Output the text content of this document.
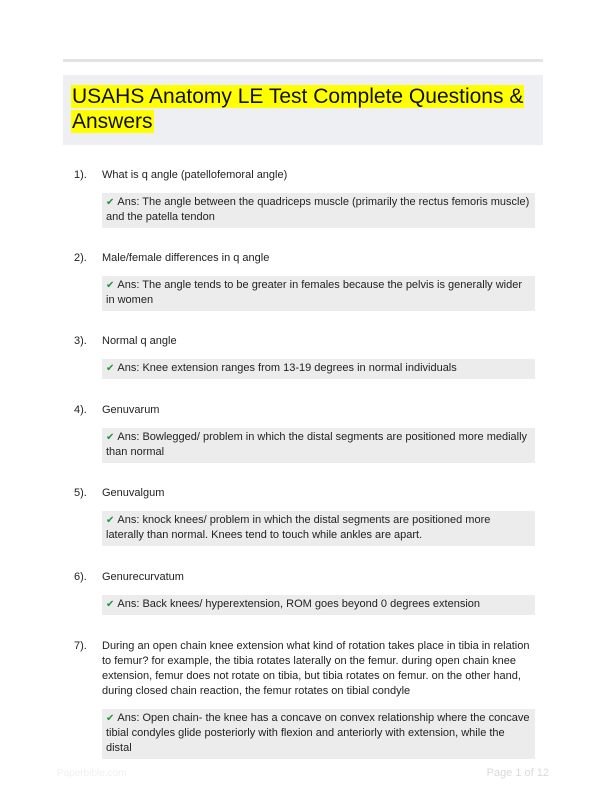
USAHS Anatomy LE Test Complete Questions & Answers
1).	What is q angle (patellofemoral angle)
✔ Ans: The angle between the quadriceps muscle (primarily the rectus femoris muscle) and the patella tendon
2).	Male/female differences in q angle
✔ Ans: The angle tends to be greater in females because the pelvis is generally wider in women
3).	Normal q angle
✔ Ans: Knee extension ranges from 13-19 degrees in normal individuals
4).	Genuvarum
✔ Ans: Bowlegged/ problem in which the distal segments are positioned more medially than normal
5).	Genuvalgum
✔ Ans: knock knees/ problem in which the distal segments are positioned more laterally than normal. Knees tend to touch while ankles are apart.
6).	Genurecurvatum
✔ Ans: Back knees/ hyperextension, ROM goes beyond 0 degrees extension
7).	During an open chain knee extension what kind of rotation takes place in tibia in relation to femur? for example, the tibia rotates laterally on the femur. during open chain knee extension, femur does not rotate on tibia, but tibia rotates on femur. on the other hand, during closed chain reaction, the femur rotates on tibial condyle
✔ Ans: Open chain- the knee has a concave on convex relationship where the concave tibial condyles glide posteriorly with flexion and anteriorly with extension, while the distal
Paperbible.com	Page 1 of 12
